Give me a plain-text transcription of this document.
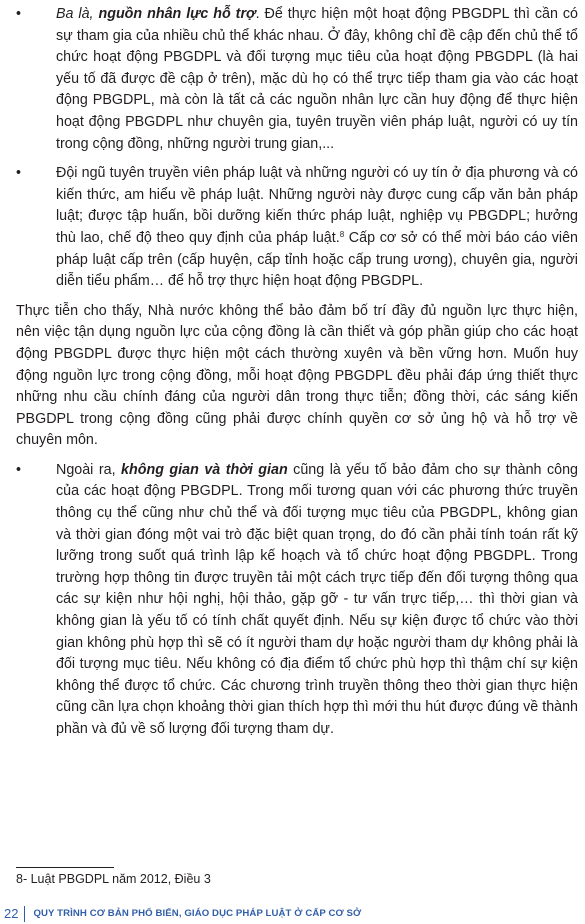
• Ba là, nguồn nhân lực hỗ trợ. Để thực hiện một hoạt động PBGDPL thì cần có sự tham gia của nhiều chủ thể khác nhau. Ở đây, không chỉ đề cập đến chủ thể tổ chức hoạt động PBGDPL và đối tượng mục tiêu của hoạt động PBGDPL (là hai yếu tố đã được đề cập ở trên), mặc dù họ có thể trực tiếp tham gia vào các hoạt động PBGDPL, mà còn là tất cả các nguồn nhân lực cần huy động để thực hiện hoạt động PBGDPL như chuyên gia, tuyên truyền viên pháp luật, người có uy tín trong cộng đồng, những người trung gian,...
• Đội ngũ tuyên truyền viên pháp luật và những người có uy tín ở địa phương và có kiến thức, am hiểu về pháp luật. Những người này được cung cấp văn bản pháp luật; được tập huấn, bồi dưỡng kiến thức pháp luật, nghiệp vụ PBGDPL; hưởng thù lao, chế độ theo quy định của pháp luật.$^8$ Cấp cơ sở có thể mời báo cáo viên pháp luật cấp trên (cấp huyện, cấp tỉnh hoặc cấp trung ương), chuyên gia, người diễn tiểu phẩm… để hỗ trợ thực hiện hoạt động PBGDPL.

Thực tiễn cho thấy, Nhà nước không thể bảo đảm bố trí đầy đủ nguồn lực thực hiện, nên việc tận dụng nguồn lực của cộng đồng là cần thiết và góp phần giúp cho các hoạt động PBGDPL được thực hiện một cách thường xuyên và bền vững hơn. Muốn huy động nguồn lực trong cộng đồng, mỗi hoạt động PBGDPL đều phải đáp ứng thiết thực những nhu cầu chính đáng của người dân trong thực tiễn; đồng thời, các sáng kiến PBGDPL trong cộng đồng cũng phải được chính quyền cơ sở ủng hộ và hỗ trợ về chuyên môn.

• Ngoài ra, không gian và thời gian cũng là yếu tố bảo đảm cho sự thành công của các hoạt động PBGDPL. Trong mối tương quan với các phương thức truyền thông cụ thể cũng như chủ thể và đối tượng mục tiêu của PBGDPL, không gian và thời gian đóng một vai trò đặc biệt quan trọng, do đó cần phải tính toán rất kỹ lưỡng trong suốt quá trình lập kế hoạch và tổ chức hoạt động PBGDPL. Trong trường hợp thông tin được truyền tải một cách trực tiếp đến đối tượng thông qua các sự kiện như hội nghị, hội thảo, gặp gỡ - tư vấn trực tiếp,… thì thời gian và không gian là yếu tố có tính chất quyết định. Nếu sự kiện được tổ chức vào thời gian không phù hợp thì sẽ có ít người tham dự hoặc người tham dự không phải là đối tượng mục tiêu. Nếu không có địa điểm tổ chức phù hợp thì thậm chí sự kiện không thể được tổ chức. Các chương trình truyền thông theo thời gian thực hiện cũng cần lựa chọn khoảng thời gian thích hợp thì mới thu hút được đúng về thành phần và đủ về số lượng đối tượng tham dự.
8- Luật PBGDPL năm 2012, Điều 3
22	QUY TRÌNH CƠ BẢN PHỔ BIẾN, GIÁO DỤC PHÁP LUẬT Ở CẤP CƠ SỞ
